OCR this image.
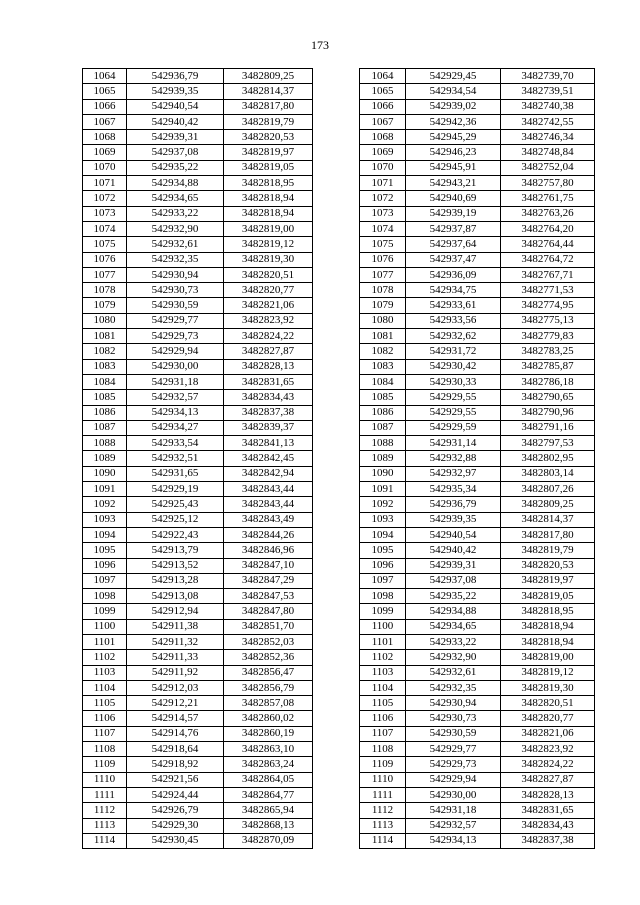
173
1064	542936,79	3482809,25
1065	542939,35	3482814,37
1066	542940,54	3482817,80
1067	542940,42	3482819,79
1068	542939,31	3482820,53
1069	542937,08	3482819,97
1070	542935,22	3482819,05
1071	542934,88	3482818,95
1072	542934,65	3482818,94
1073	542933,22	3482818,94
1074	542932,90	3482819,00
1075	542932,61	3482819,12
1076	542932,35	3482819,30
1077	542930,94	3482820,51
1078	542930,73	3482820,77
1079	542930,59	3482821,06
1080	542929,77	3482823,92
1081	542929,73	3482824,22
1082	542929,94	3482827,87
1083	542930,00	3482828,13
1084	542931,18	3482831,65
1085	542932,57	3482834,43
1086	542934,13	3482837,38
1087	542934,27	3482839,37
1088	542933,54	3482841,13
1089	542932,51	3482842,45
1090	542931,65	3482842,94
1091	542929,19	3482843,44
1092	542925,43	3482843,44
1093	542925,12	3482843,49
1094	542922,43	3482844,26
1095	542913,79	3482846,96
1096	542913,52	3482847,10
1097	542913,28	3482847,29
1098	542913,08	3482847,53
1099	542912,94	3482847,80
1100	542911,38	3482851,70
1101	542911,32	3482852,03
1102	542911,33	3482852,36
1103	542911,92	3482856,47
1104	542912,03	3482856,79
1105	542912,21	3482857,08
1106	542914,57	3482860,02
1107	542914,76	3482860,19
1108	542918,64	3482863,10
1109	542918,92	3482863,24
1110	542921,56	3482864,05
1111	542924,44	3482864,77
1112	542926,79	3482865,94
1113	542929,30	3482868,13
1114	542930,45	3482870,09
1064	542929,45	3482739,70
1065	542934,54	3482739,51
1066	542939,02	3482740,38
1067	542942,36	3482742,55
1068	542945,29	3482746,34
1069	542946,23	3482748,84
1070	542945,91	3482752,04
1071	542943,21	3482757,80
1072	542940,69	3482761,75
1073	542939,19	3482763,26
1074	542937,87	3482764,20
1075	542937,64	3482764,44
1076	542937,47	3482764,72
1077	542936,09	3482767,71
1078	542934,75	3482771,53
1079	542933,61	3482774,95
1080	542933,56	3482775,13
1081	542932,62	3482779,83
1082	542931,72	3482783,25
1083	542930,42	3482785,87
1084	542930,33	3482786,18
1085	542929,55	3482790,65
1086	542929,55	3482790,96
1087	542929,59	3482791,16
1088	542931,14	3482797,53
1089	542932,88	3482802,95
1090	542932,97	3482803,14
1091	542935,34	3482807,26
1092	542936,79	3482809,25
1093	542939,35	3482814,37
1094	542940,54	3482817,80
1095	542940,42	3482819,79
1096	542939,31	3482820,53
1097	542937,08	3482819,97
1098	542935,22	3482819,05
1099	542934,88	3482818,95
1100	542934,65	3482818,94
1101	542933,22	3482818,94
1102	542932,90	3482819,00
1103	542932,61	3482819,12
1104	542932,35	3482819,30
1105	542930,94	3482820,51
1106	542930,73	3482820,77
1107	542930,59	3482821,06
1108	542929,77	3482823,92
1109	542929,73	3482824,22
1110	542929,94	3482827,87
1111	542930,00	3482828,13
1112	542931,18	3482831,65
1113	542932,57	3482834,43
1114	542934,13	3482837,38
